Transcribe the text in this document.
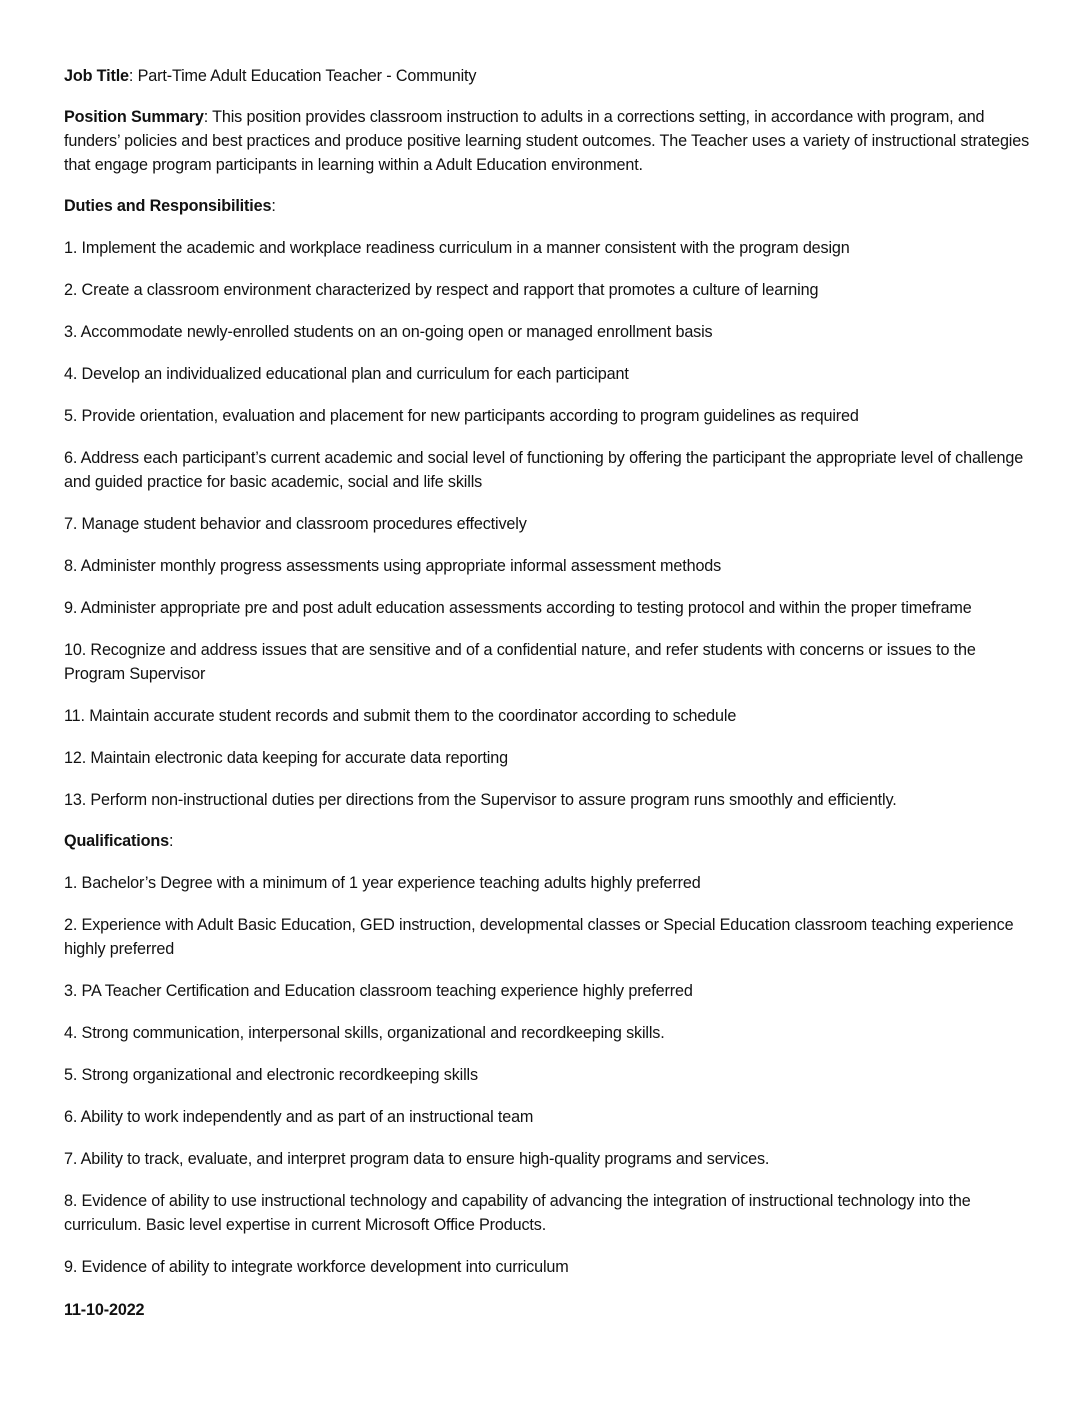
Job Title: Part-Time Adult Education Teacher - Community

Position Summary: This position provides classroom instruction to adults in a corrections setting, in accordance with program, and funders’ policies and best practices and produce positive learning student outcomes. The Teacher uses a variety of instructional strategies that engage program participants in learning within a Adult Education environment.

Duties and Responsibilities:

1. Implement the academic and workplace readiness curriculum in a manner consistent with the program design

2. Create a classroom environment characterized by respect and rapport that promotes a culture of learning

3. Accommodate newly-enrolled students on an on-going open or managed enrollment basis

4. Develop an individualized educational plan and curriculum for each participant

5. Provide orientation, evaluation and placement for new participants according to program guidelines as required

6. Address each participant’s current academic and social level of functioning by offering the participant the appropriate level of challenge and guided practice for basic academic, social and life skills

7. Manage student behavior and classroom procedures effectively

8. Administer monthly progress assessments using appropriate informal assessment methods

9. Administer appropriate pre and post adult education assessments according to testing protocol and within the proper timeframe

10. Recognize and address issues that are sensitive and of a confidential nature, and refer students with concerns or issues to the Program Supervisor

11. Maintain accurate student records and submit them to the coordinator according to schedule

12. Maintain electronic data keeping for accurate data reporting

13. Perform non-instructional duties per directions from the Supervisor to assure program runs smoothly and efficiently.

Qualifications:

1. Bachelor’s Degree with a minimum of 1 year experience teaching adults highly preferred

2. Experience with Adult Basic Education, GED instruction, developmental classes or Special Education classroom teaching experience highly preferred

3. PA Teacher Certification and Education classroom teaching experience highly preferred

4. Strong communication, interpersonal skills, organizational and recordkeeping skills.

5. Strong organizational and electronic recordkeeping skills

6. Ability to work independently and as part of an instructional team

7. Ability to track, evaluate, and interpret program data to ensure high-quality programs and services.

8. Evidence of ability to use instructional technology and capability of advancing the integration of instructional technology into the curriculum. Basic level expertise in current Microsoft Office Products.

9. Evidence of ability to integrate workforce development into curriculum

11-10-2022
